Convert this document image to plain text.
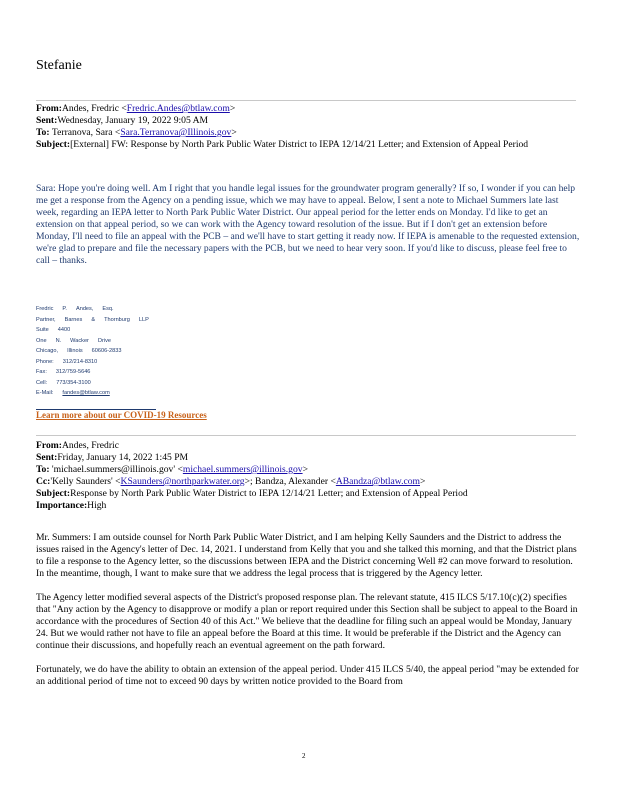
Stefanie
From:Andes, Fredric <Fredric.Andes@btlaw.com>
Sent:Wednesday, January 19, 2022 9:05 AM
To: Terranova, Sara <Sara.Terranova@Illinois.gov>
Subject:[External] FW: Response by North Park Public Water District to IEPA 12/14/21 Letter; and Extension of Appeal Period
Sara: Hope you're doing well. Am I right that you handle legal issues for the groundwater program generally? If so, I wonder if you can help me get a response from the Agency on a pending issue, which we may have to appeal. Below, I sent a note to Michael Summers late last week, regarding an IEPA letter to North Park Public Water District. Our appeal period for the letter ends on Monday. I'd like to get an extension on that appeal period, so we can work with the Agency toward resolution of the issue. But if I don't get an extension before Monday, I'll need to file an appeal with the PCB – and we'll have to start getting it ready now. If IEPA is amenable to the requested extension, we're glad to prepare and file the necessary papers with the PCB, but we need to hear very soon. If you'd like to discuss, please feel free to call – thanks.
Fredric P. Andes, Esq.
Partner, Barnes & Thornburg LLP
Suite 4400
One N. Wacker Drive
Chicago, Illinois 60606-2833
Phone: 312/214-8310
Fax: 312/759-5646
Cell: 773/354-3100
E-Mail: fandes@btlaw.com
Learn more about our COVID-19 Resources
From:Andes, Fredric
Sent:Friday, January 14, 2022 1:45 PM
To: 'michael.summers@illinois.gov' <michael.summers@illinois.gov>
Cc:'Kelly Saunders' <KSaunders@northparkwater.org>; Bandza, Alexander <ABandza@btlaw.com>
Subject:Response by North Park Public Water District to IEPA 12/14/21 Letter; and Extension of Appeal Period
Importance:High

Mr. Summers: I am outside counsel for North Park Public Water District, and I am helping Kelly Saunders and the District to address the issues raised in the Agency's letter of Dec. 14, 2021. I understand from Kelly that you and she talked this morning, and that the District plans to file a response to the Agency letter, so the discussions between IEPA and the District concerning Well #2 can move forward to resolution. In the meantime, though, I want to make sure that we address the legal process that is triggered by the Agency letter.

The Agency letter modified several aspects of the District's proposed response plan. The relevant statute, 415 ILCS 5/17.10(c)(2) specifies that "Any action by the Agency to disapprove or modify a plan or report required under this Section shall be subject to appeal to the Board in accordance with the procedures of Section 40 of this Act." We believe that the deadline for filing such an appeal would be Monday, January 24. But we would rather not have to file an appeal before the Board at this time. It would be preferable if the District and the Agency can continue their discussions, and hopefully reach an eventual agreement on the path forward.

Fortunately, we do have the ability to obtain an extension of the appeal period. Under 415 ILCS 5/40, the appeal period "may be extended for an additional period of time not to exceed 90 days by written notice provided to the Board from

2
